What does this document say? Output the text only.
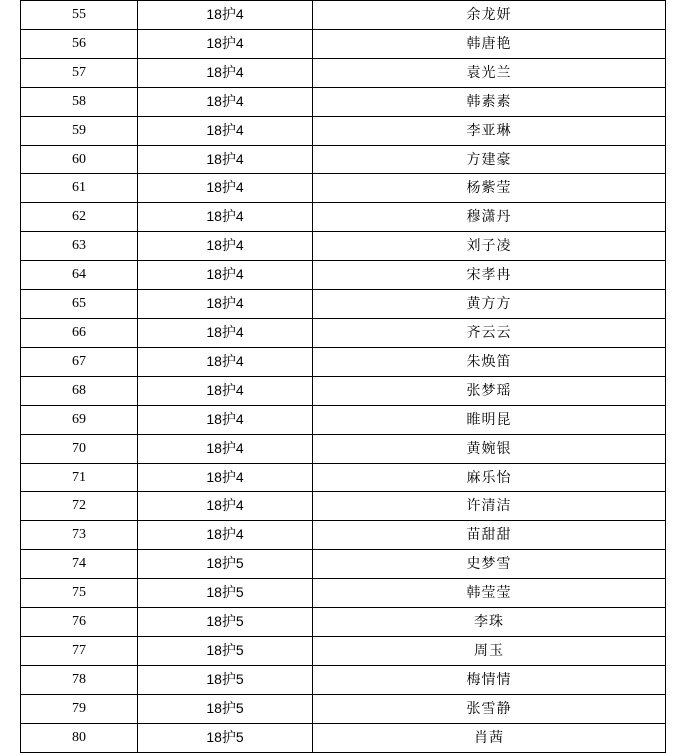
55	18护4	余龙妍
56	18护4	韩唐艳
57	18护4	袁光兰
58	18护4	韩素素
59	18护4	李亚琳
60	18护4	方建豪
61	18护4	杨紫莹
62	18护4	穆潇丹
63	18护4	刘子凌
64	18护4	宋孝冉
65	18护4	黄方方
66	18护4	齐云云
67	18护4	朱焕笛
68	18护4	张梦瑶
69	18护4	睢明昆
70	18护4	黄婉银
71	18护4	麻乐怡
72	18护4	许清洁
73	18护4	苗甜甜
74	18护5	史梦雪
75	18护5	韩莹莹
76	18护5	李珠
77	18护5	周玉
78	18护5	梅情情
79	18护5	张雪静
80	18护5	肖茜
